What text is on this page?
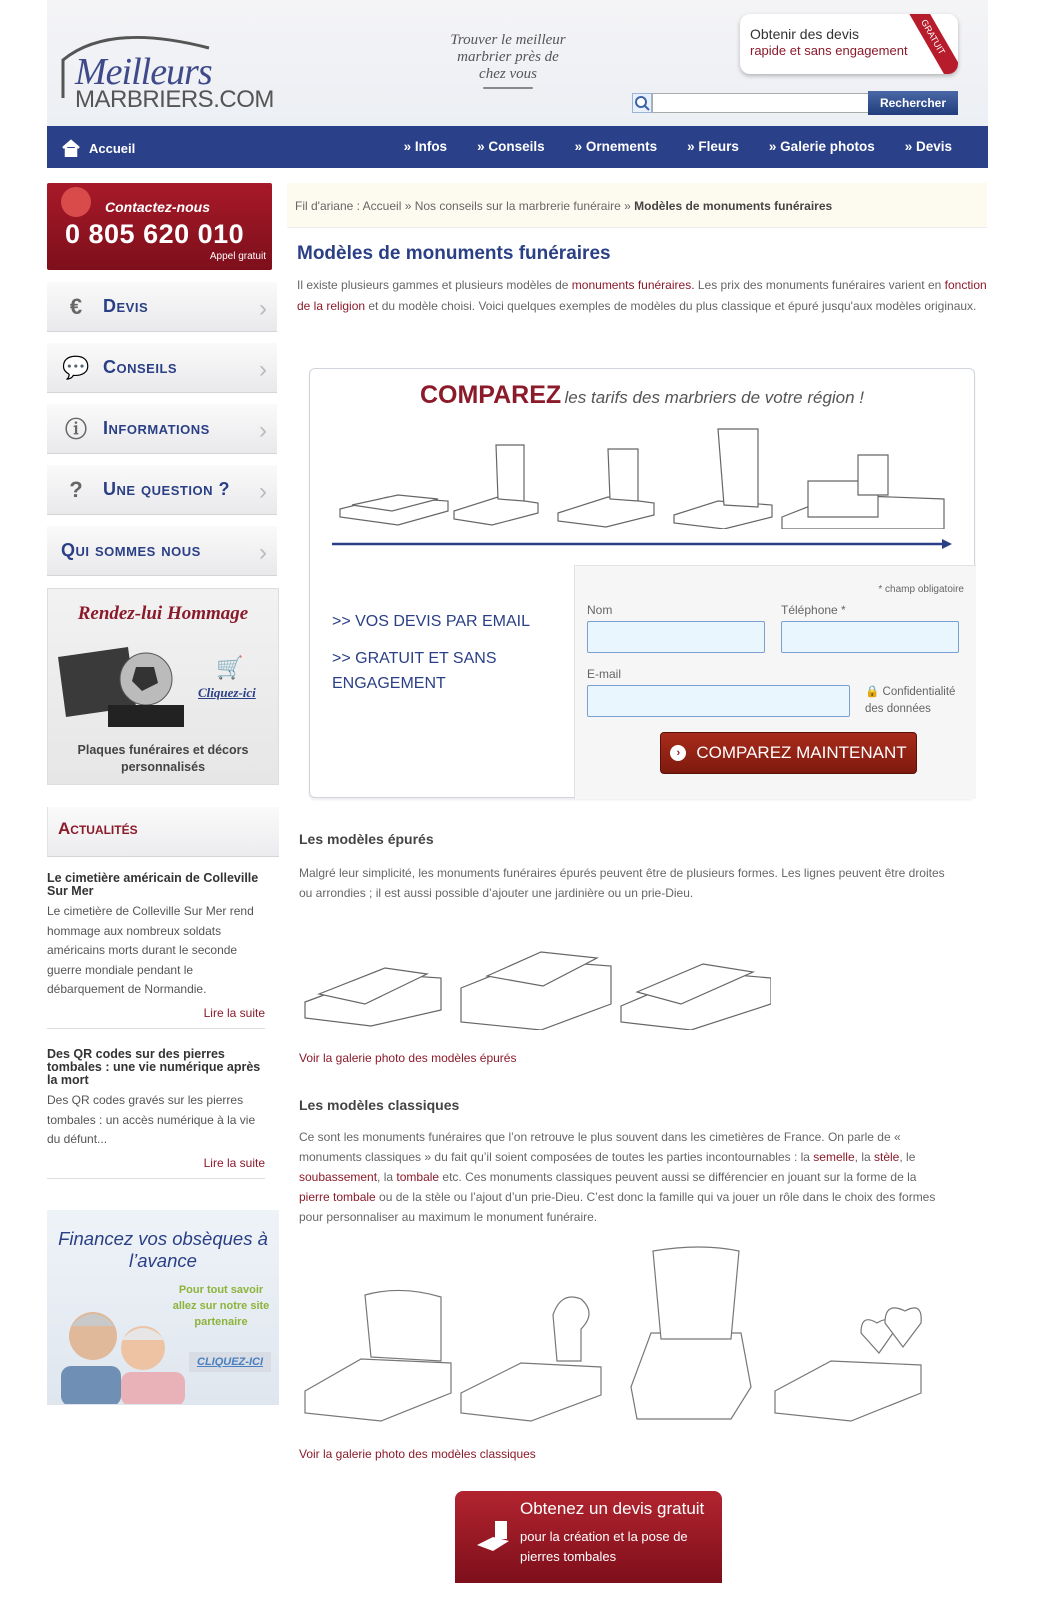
Meilleurs
MARBRIERS.COM
Trouver le meilleur
marbrier près de
chez vous
Obtenir des devis
rapide et sans engagement	GRATUIT
Rechercher
Accueil	» Infos » Conseils » Ornements » Fleurs » Galerie photos » Devis
Contactez-nous
0 805 620 010
Appel gratuit
€	Devis	›
💬 Conseils	›
ⓘ Informations ›
?	Une question ? ›
Qui sommes nous ›
Rendez-lui Hommage
🛒
Cliquez-ici
Plaques funéraires et décors personnalisés
Actualités
Le cimetière américain de Colleville Sur Mer
Le cimetière de Colleville Sur Mer rend hommage aux nombreux soldats américains morts durant le seconde guerre mondiale pendant le débarquement de Normandie.
Lire la suite
Des QR codes sur des pierres tombales : une vie numérique après la mort
Des QR codes gravés sur les pierres tombales : un accès numérique à la vie du défunt...
Lire la suite
Financez vos obsèques à l’avance
Pour tout savoir allez sur notre site partenaire
CLIQUEZ-ICI
Fil d'ariane : Accueil » Nos conseils sur la marbrerie funéraire » Modèles de monuments funéraires
Modèles de monuments funéraires
Il existe plusieurs gammes et plusieurs modèles de monuments funéraires. Les prix des monuments funéraires varient en fonction de la religion et du modèle choisi. Voici quelques exemples de modèles du plus classique et épuré jusqu'aux modèles originaux.
COMPAREZ les tarifs des marbriers de votre région !
>> VOS DEVIS PAR EMAIL
>> GRATUIT ET SANS ENGAGEMENT
* champ obligatoire
Nom	Téléphone *
E-mail
🔒 Confidentialité des données
› COMPAREZ MAINTENANT
Les modèles épurés
Malgré leur simplicité, les monuments funéraires épurés peuvent être de plusieurs formes. Les lignes peuvent être droites ou arrondies ; il est aussi possible d’ajouter une jardinière ou un prie-Dieu.
Voir la galerie photo des modèles épurés
Les modèles classiques
Ce sont les monuments funéraires que l’on retrouve le plus souvent dans les cimetières de France. On parle de « monuments classiques » du fait qu’il soient composées de toutes les parties incontournables : la semelle, la stèle, le soubassement, la tombale etc. Ces monuments classiques peuvent aussi se différencier en jouant sur la forme de la pierre tombale ou de la stèle ou l’ajout d’un prie-Dieu. C’est donc la famille qui va jouer un rôle dans le choix des formes pour personnaliser au maximum le monument funéraire.
Voir la galerie photo des modèles classiques
Obtenez un devis gratuit
pour la création et la pose de pierres tombales
